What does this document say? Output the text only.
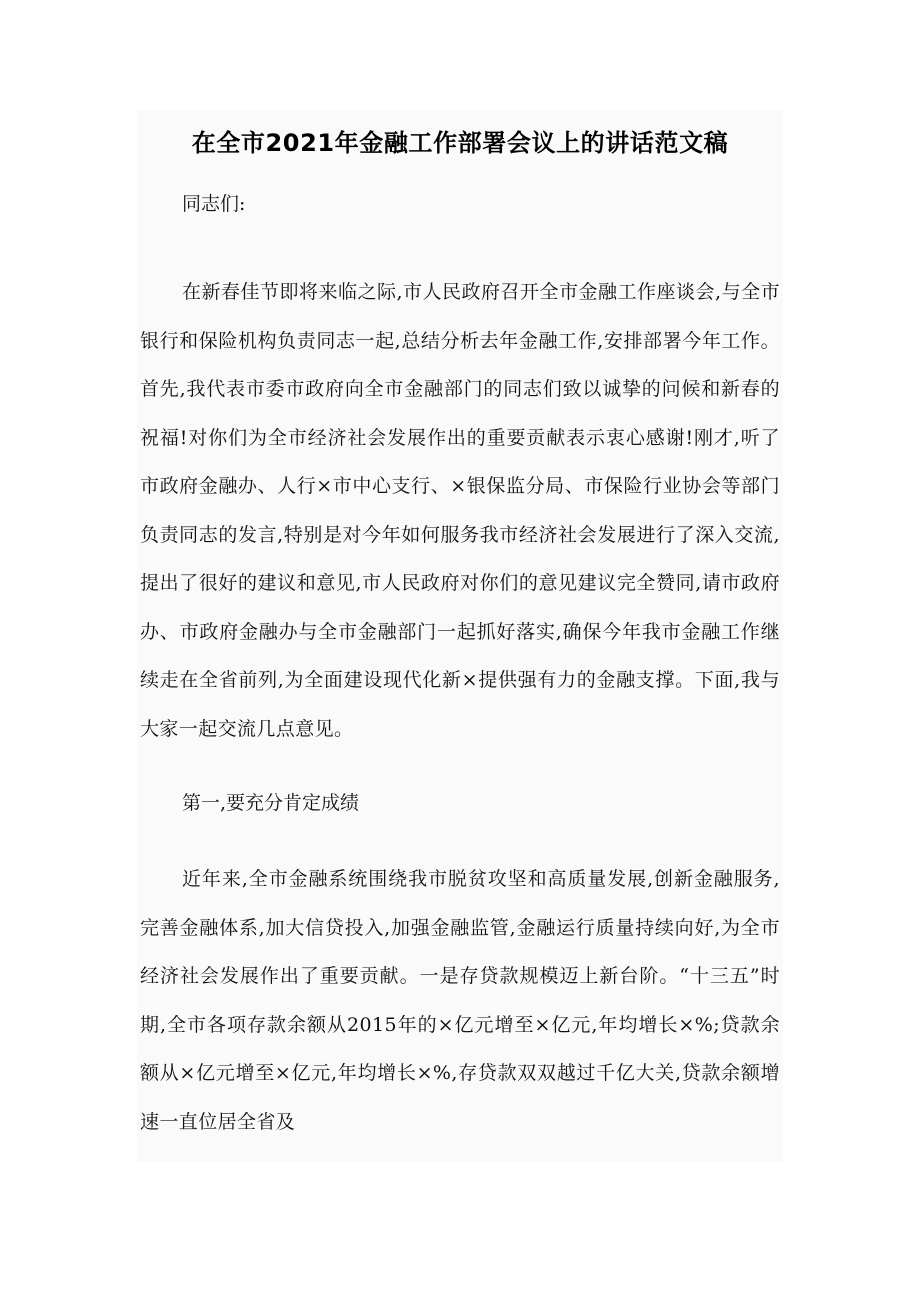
在全市2021年金融工作部署会议上的讲话范文稿

同志们:

在新春佳节即将来临之际,市人民政府召开全市金融工作座谈会,与全市银行和保险机构负责同志一起,总结分析去年金融工作,安排部署今年工作。首先,我代表市委市政府向全市金融部门的同志们致以诚挚的问候和新春的祝福!对你们为全市经济社会发展作出的重要贡献表示衷心感谢!刚才,听了市政府金融办、人行×市中心支行、×银保监分局、市保险行业协会等部门负责同志的发言,特别是对今年如何服务我市经济社会发展进行了深入交流,提出了很好的建议和意见,市人民政府对你们的意见建议完全赞同,请市政府办、市政府金融办与全市金融部门一起抓好落实,确保今年我市金融工作继续走在全省前列,为全面建设现代化新×提供强有力的金融支撑。下面,我与大家一起交流几点意见。

第一,要充分肯定成绩

近年来,全市金融系统围绕我市脱贫攻坚和高质量发展,创新金融服务,完善金融体系,加大信贷投入,加强金融监管,金融运行质量持续向好,为全市经济社会发展作出了重要贡献。一是存贷款规模迈上新台阶。“十三五”时期,全市各项存款余额从2015年的×亿元增至×亿元,年均增长×%;贷款余额从×亿元增至×亿元,年均增长×%,存贷款双双越过千亿大关,贷款余额增速一直位居全省及
